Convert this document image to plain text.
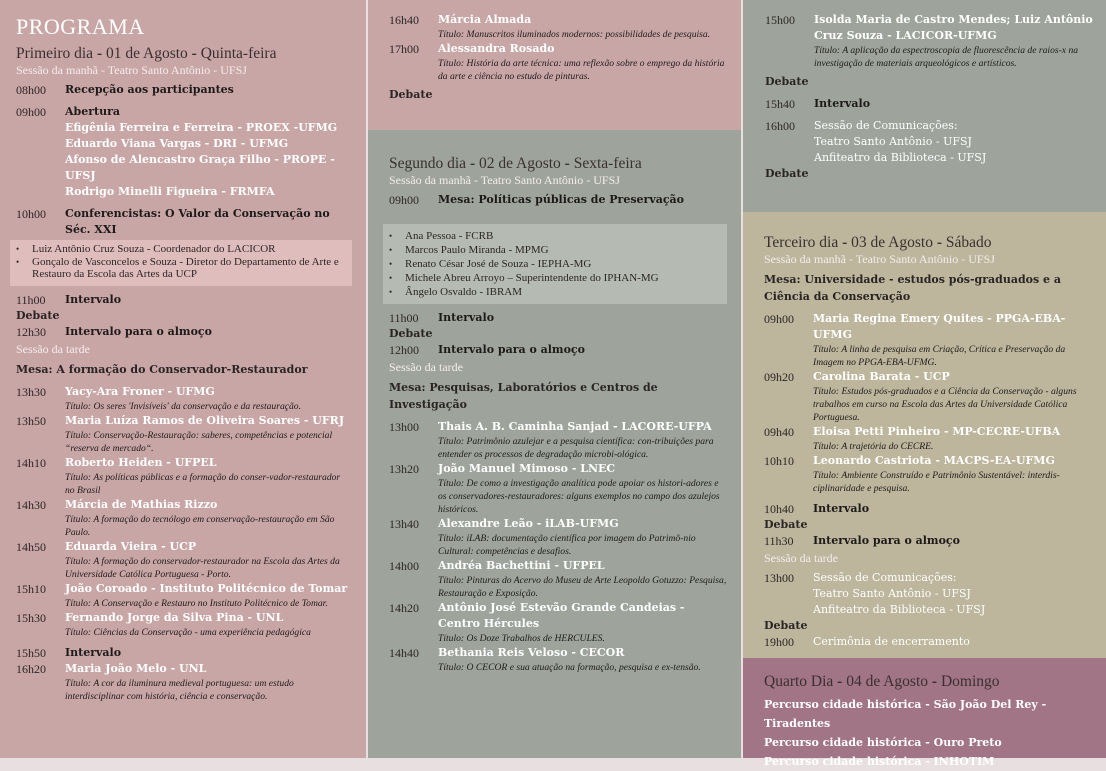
PROGRAMA
Primeiro dia - 01 de Agosto - Quinta-feira
Sessão da manhã - Teatro Santo Antônio - UFSJ
08h00	Recepção aos participantes
09h00	Abertura
Efigênia Ferreira e Ferreira - PROEX -UFMG
Eduardo Viana Vargas - DRI - UFMG
Afonso de Alencastro Graça Filho - PROPE - UFSJ
Rodrigo Minelli Figueira - FRMFA
10h00	Conferencistas: O Valor da Conservação no Séc. XXI
• Luiz Antônio Cruz Souza - Coordenador do LACICOR
• Gonçalo de Vasconcelos e Souza - Diretor do Departamento de Arte e Restauro da Escola das Artes da UCP
11h00	Intervalo
Debate
12h30	Intervalo para o almoço
Sessão da tarde
Mesa: A formação do Conservador-Restaurador
13h30	Yacy-Ara Froner - UFMG
Título: Os seres 'Invisíveis' da conservação e da restauração.
13h50	Maria Luíza Ramos de Oliveira Soares - UFRJ
Título: Conservação-Restauração: saberes, competências e potencial “reserva de mercado“.
14h10	Roberto Heiden - UFPEL
Título: As políticas públicas e a formação do conser-vador-restaurador no Brasil
14h30	Márcia de Mathias Rizzo
Título: A formação do tecnólogo em conservação-restauração em São Paulo.
14h50	Eduarda Vieira - UCP
Título: A formação do conservador-restaurador na Escola das Artes da Universidade Católica Portuguesa - Porto.
15h10	João Coroado - Instituto Politécnico de Tomar
Título: A Conservação e Restauro no Instituto Politécnico de Tomar.
15h30	Fernando Jorge da Silva Pina - UNL
Título: Ciências da Conservação - uma experiência pedagógica
15h50	Intervalo
16h20	Maria João Melo - UNL
Título: A cor da iluminura medieval portuguesa: um estudo interdisciplinar com história, ciência e conservação.
16h40	Márcia Almada
Título: Manuscritos iluminados modernos: possibilidades de pesquisa.
17h00	Alessandra Rosado
Título: História da arte técnica: uma reflexão sobre o emprego da história da arte e ciência no estudo de pinturas.
Debate
Segundo dia - 02 de Agosto - Sexta-feira
Sessão da manhã - Teatro Santo Antônio - UFSJ
09h00	Mesa: Políticas públicas de Preservação
• Ana Pessoa - FCRB
• Marcos Paulo Miranda - MPMG
• Renato César José de Souza - IEPHA-MG
• Michele Abreu Arroyo – Superintendente do IPHAN-MG
• Ângelo Osvaldo - IBRAM
11h00	Intervalo
Debate
12h00	Intervalo para o almoço
Sessão da tarde
Mesa: Pesquisas, Laboratórios e Centros de Investigação
13h00	Thais A. B. Caminha Sanjad - LACORE-UFPA
Título: Patrimônio azulejar e a pesquisa científica: con-tribuições para entender os processos de degradação microbi-ológica.
13h20	João Manuel Mimoso - LNEC
Título: De como a investigação analítica pode apoiar os histori-adores e os conservadores-restauradores: alguns exemplos no campo dos azulejos históricos.
13h40	Alexandre Leão - iLAB-UFMG
Título: iLAB: documentação científica por imagem do Patrimô-nio Cultural: competências e desafios.
14h00	Andréa Bachettini - UFPEL
Título: Pinturas do Acervo do Museu de Arte Leopoldo Gotuzzo: Pesquisa, Restauração e Exposição.
14h20	Antônio José Estevão Grande Candeias - Centro Hércules
Título: Os Doze Trabalhos de HERCULES.
14h40	Bethania Reis Veloso - CECOR
Título: O CECOR e sua atuação na formação, pesquisa e ex-tensão.
15h00	Isolda Maria de Castro Mendes; Luiz Antônio Cruz Souza - LACICOR-UFMG
Título: A aplicação da espectroscopia de fluorescência de raios-x na investigação de materiais arqueológicos e artísticos.
Debate
15h40	Intervalo
16h00	Sessão de Comunicações:
Teatro Santo Antônio - UFSJ
Anfiteatro da Biblioteca - UFSJ
Debate
Terceiro dia - 03 de Agosto - Sábado
Sessão da manhã - Teatro Santo Antônio - UFSJ
Mesa: Universidade - estudos pós-graduados e a Ciência da Conservação
09h00	Maria Regina Emery Quites - PPGA-EBA-UFMG
Título: A linha de pesquisa em Criação, Crítica e Preservação da Imagem no PPGA-EBA-UFMG.
09h20	Carolina Barata - UCP
Título: Estudos pós-graduados e a Ciência da Conservação - alguns trabalhos em curso na Escola das Artes da Universidade Católica Portuguesa.
09h40	Eloisa Petti Pinheiro - MP-CECRE-UFBA
Título: A trajetória do CECRE.
10h10	Leonardo Castriota - MACPS-EA-UFMG
Título: Ambiente Construído e Patrimônio Sustentável: interdis-ciplinaridade e pesquisa.
10h40	Intervalo
Debate
11h30	Intervalo para o almoço
Sessão da tarde
13h00	Sessão de Comunicações:
Teatro Santo Antônio - UFSJ
Anfiteatro da Biblioteca - UFSJ
Debate
19h00	Cerimônia de encerramento
Quarto Dia - 04 de Agosto - Domingo
Percurso cidade histórica - São João Del Rey - Tiradentes
Percurso cidade histórica - Ouro Preto
Percurso cidade histórica - INHOTIM
